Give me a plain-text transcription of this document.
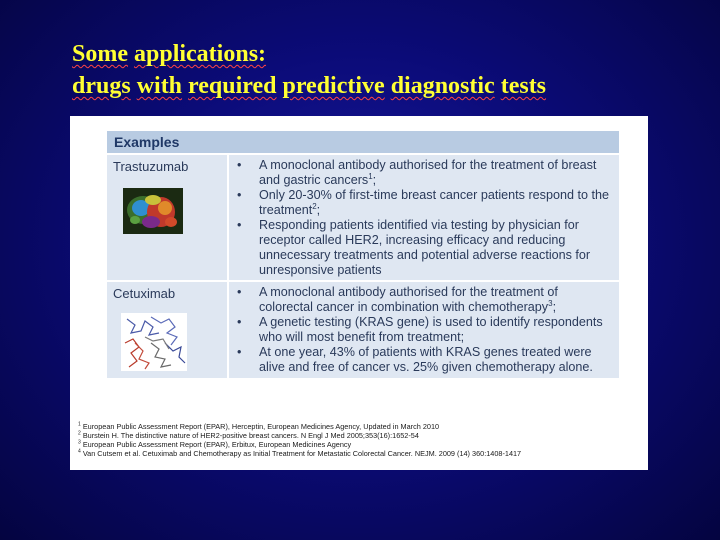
Some applications:
drugs with required predictive diagnostic tests
Examples
Trastuzumab	•	A monoclonal antibody authorised for the treatment of breast and gastric cancers$^1$;
•	Only 20-30% of first-time breast cancer patients respond to the treatment$^2$;
•	Responding patients identified via testing by physician for receptor called HER2, increasing efficacy and reducing unnecessary treatments and potential adverse reactions for unresponsive patients
Cetuximab	•	A monoclonal antibody authorised for the treatment of colorectal cancer in combination with chemotherapy$^3$;
•	A genetic testing (KRAS gene) is used to identify respondents who will most benefit from treatment;
•	At one year, 43% of patients with KRAS genes treated were alive and free of cancer vs. 25% given chemotherapy alone.
$^1$ European Public Assessment Report (EPAR), Herceptin, European Medicines Agency, Updated in March 2010
$^2$ Burstein H. The distinctive nature of HER2-positive breast cancers. N Engl J Med 2005;353(16):1652-54
$^3$ European Public Assessment Report (EPAR), Erbitux, European Medicines Agency
$^4$ Van Cutsem et al. Cetuximab and Chemotherapy as Initial Treatment for Metastatic Colorectal Cancer. NEJM. 2009 (14) 360:1408-1417
